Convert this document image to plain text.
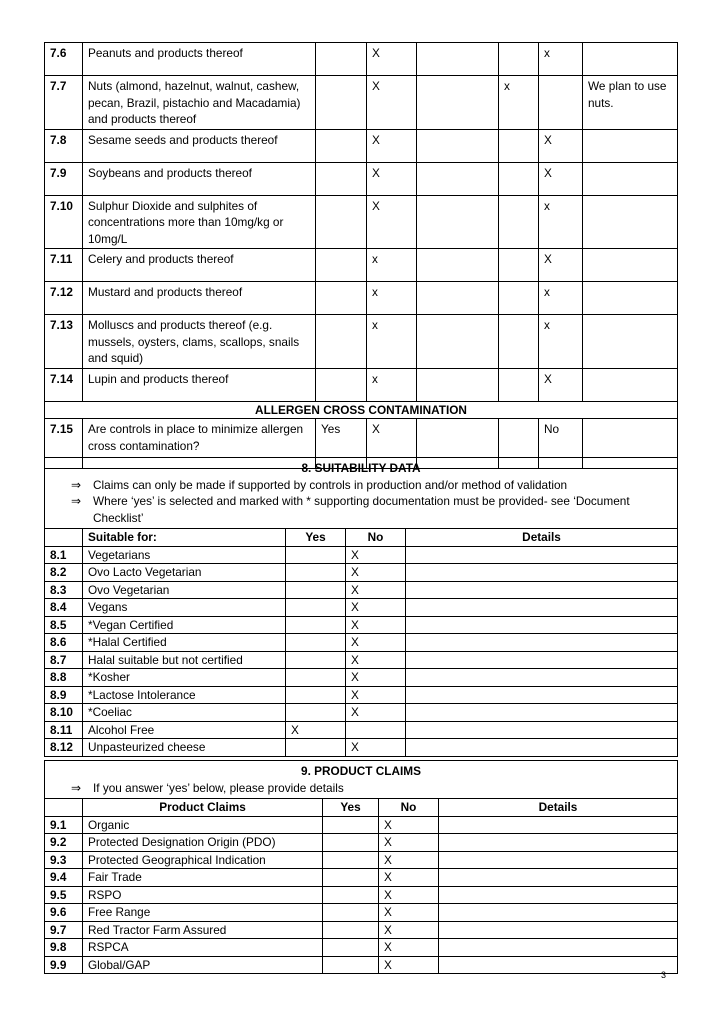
7.6	Peanuts and products thereof		X			x	
7.7	Nuts (almond, hazelnut, walnut, cashew, pecan, Brazil, pistachio and Macadamia) and products thereof		X		x		We plan to use nuts.
7.8	Sesame seeds and products thereof		X			X	
7.9	Soybeans and products thereof		X			X	
7.10	Sulphur Dioxide and sulphites of concentrations more than 10mg/kg or 10mg/L		X			x	
7.11	Celery and products thereof		x			X	
7.12	Mustard and products thereof		x			x	
7.13	Molluscs and products thereof (e.g. mussels, oysters, clams, scallops, snails and squid)		x			x	
7.14	Lupin and products thereof		x			X	
ALLERGEN CROSS CONTAMINATION							
7.15	Are controls in place to minimize allergen cross contamination?	Yes	X			No	
8. SUITABILITY DATA
⇒ Claims can only be made if supported by controls in production and/or method of validation
⇒ Where ‘yes’ is selected and marked with * supporting documentation must be provided- see ‘Document Checklist’				

	Suitable for:	Yes	No	Details
8.1	Vegetarians		X	
8.2	Ovo Lacto Vegetarian		X	
8.3	Ovo Vegetarian		X	
8.4	Vegans		X	
8.5	*Vegan Certified		X	
8.6	*Halal Certified		X	
8.7	Halal suitable but not certified		X	
8.8	*Kosher		X	
8.9	*Lactose Intolerance		X	
8.10	*Coeliac		X	
8.11	Alcohol Free	X		
8.12	Unpasteurized cheese		X	
9. PRODUCT CLAIMS
⇒ If you answer ‘yes’ below, please provide details				

	Product Claims	Yes	No	Details
9.1	Organic		X	
9.2	Protected Designation Origin (PDO)		X	
9.3	Protected Geographical Indication		X	
9.4	Fair Trade		X	
9.5	RSPO		X	
9.6	Free Range		X	
9.7	Red Tractor Farm Assured		X	
9.8	RSPCA		X	
9.9	Global/GAP		X	
3
